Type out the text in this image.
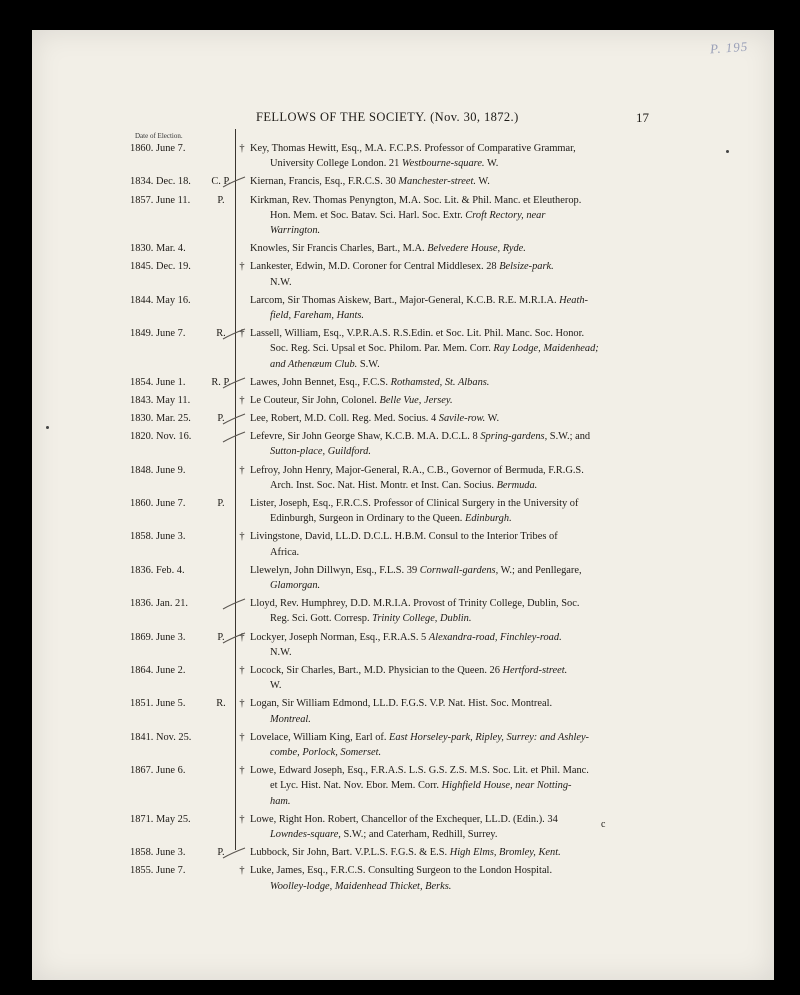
P. 195
FELLOWS OF THE SOCIETY. (Nov. 30, 1872.)	17
Date of Election.
1860. June 7.	† Key, Thomas Hewitt, Esq., M.A. F.C.P.S. Professor of Comparative Grammar,
University College London. 21 Westbourne-square. W.
1834. Dec. 18.	C. P. Kiernan, Francis, Esq., F.R.C.S. 30 Manchester-street. W.
1857. June 11.	P.	Kirkman, Rev. Thomas Penyngton, M.A. Soc. Lit. & Phil. Manc. et Eleutherop.
Hon. Mem. et Soc. Batav. Sci. Harl. Soc. Extr. Croft Rectory, near
Warrington.
1830. Mar. 4.	Knowles, Sir Francis Charles, Bart., M.A. Belvedere House, Ryde.
1845. Dec. 19.	† Lankester, Edwin, M.D. Coroner for Central Middlesex. 28 Belsize-park.
N.W.
1844. May 16.	Larcom, Sir Thomas Aiskew, Bart., Major-General, K.C.B. R.E. M.R.I.A. Heath-
field, Fareham, Hants.
1849. June 7.	R.	† Lassell, William, Esq., V.P.R.A.S. R.S.Edin. et Soc. Lit. Phil. Manc. Soc. Honor.
Soc. Reg. Sci. Upsal et Soc. Philom. Par. Mem. Corr. Ray Lodge, Maidenhead;
and Athenæum Club. S.W.
1854. June 1.	R. P. Lawes, John Bennet, Esq., F.C.S. Rothamsted, St. Albans.
1843. May 11.	† Le Couteur, Sir John, Colonel. Belle Vue, Jersey.
1830. Mar. 25.	P.	Lee, Robert, M.D. Coll. Reg. Med. Socius. 4 Savile-row. W.
1820. Nov. 16.	Lefevre, Sir John George Shaw, K.C.B. M.A. D.C.L. 8 Spring-gardens, S.W.; and
Sutton-place, Guildford.
1848. June 9.	† Lefroy, John Henry, Major-General, R.A., C.B., Governor of Bermuda, F.R.G.S.
Arch. Inst. Soc. Nat. Hist. Montr. et Inst. Can. Socius. Bermuda.
1860. June 7.	P.	Lister, Joseph, Esq., F.R.C.S. Professor of Clinical Surgery in the University of
Edinburgh, Surgeon in Ordinary to the Queen. Edinburgh.
1858. June 3.	† Livingstone, David, LL.D. D.C.L. H.B.M. Consul to the Interior Tribes of
Africa.
1836. Feb. 4.	Llewelyn, John Dillwyn, Esq., F.L.S. 39 Cornwall-gardens, W.; and Penllegare,
Glamorgan.
1836. Jan. 21.	Lloyd, Rev. Humphrey, D.D. M.R.I.A. Provost of Trinity College, Dublin, Soc.
Reg. Sci. Gott. Corresp. Trinity College, Dublin.
1869. June 3.	P.	† Lockyer, Joseph Norman, Esq., F.R.A.S. 5 Alexandra-road, Finchley-road.
N.W.
1864. June 2.	† Locock, Sir Charles, Bart., M.D. Physician to the Queen. 26 Hertford-street.
W.
1851. June 5.	R.	† Logan, Sir William Edmond, LL.D. F.G.S. V.P. Nat. Hist. Soc. Montreal.
Montreal.
1841. Nov. 25.	† Lovelace, William King, Earl of. East Horseley-park, Ripley, Surrey: and Ashley-
combe, Porlock, Somerset.
1867. June 6.	† Lowe, Edward Joseph, Esq., F.R.A.S. L.S. G.S. Z.S. M.S. Soc. Lit. et Phil. Manc.
et Lyc. Hist. Nat. Nov. Ebor. Mem. Corr. Highfield House, near Notting-
ham.
1871. May 25.	† Lowe, Right Hon. Robert, Chancellor of the Exchequer, LL.D. (Edin.). 34
Lowndes-square, S.W.; and Caterham, Redhill, Surrey.
1858. June 3.	P.	Lubbock, Sir John, Bart. V.P.L.S. F.G.S. & E.S. High Elms, Bromley, Kent.
1855. June 7.	† Luke, James, Esq., F.R.C.S. Consulting Surgeon to the London Hospital.
Woolley-lodge, Maidenhead Thicket, Berks.
c
